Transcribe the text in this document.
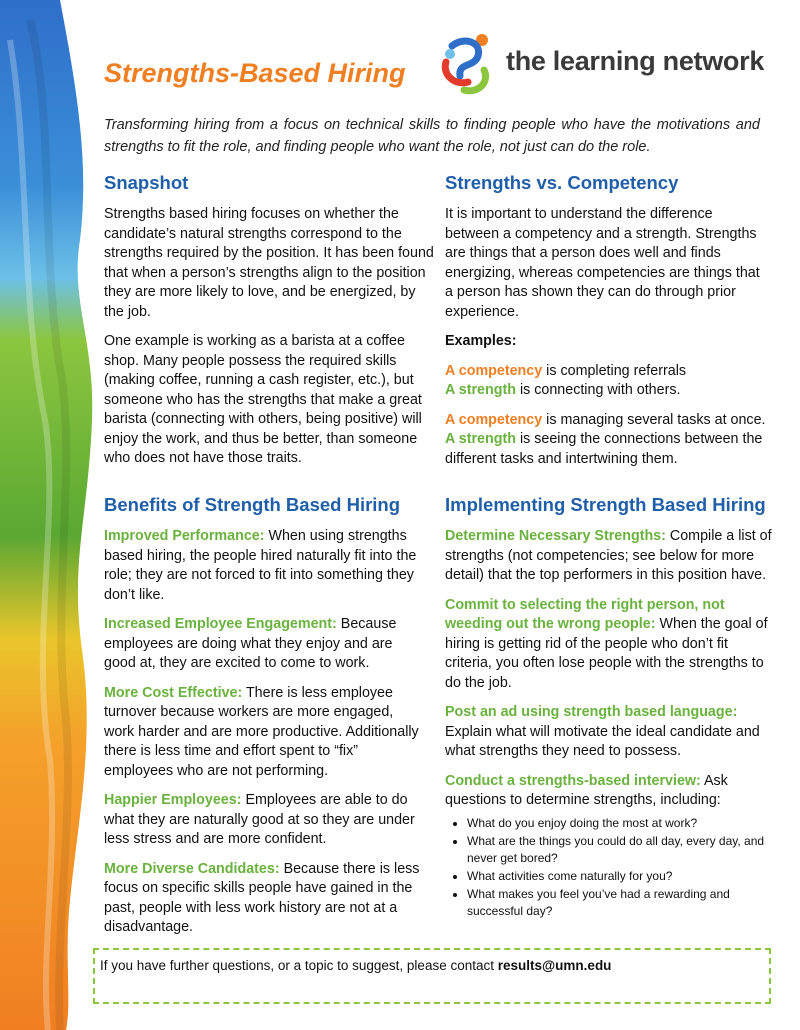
Strengths-Based Hiring	the learning network
Transforming hiring from a focus on technical skills to finding people who have the motivations and strengths to fit the role, and finding people who want the role, not just can do the role.
Snapshot

Strengths based hiring focuses on whether the candidate’s natural strengths correspond to the strengths required by the position. It has been found that when a person’s strengths align to the position they are more likely to love, and be energized, by the job.

One example is working as a barista at a coffee shop. Many people possess the required skills (making coffee, running a cash register, etc.), but someone who has the strengths that make a great barista (connecting with others, being positive) will enjoy the work, and thus be better, than someone who does not have those traits.

Strengths vs. Competency

It is important to understand the difference between a competency and a strength. Strengths are things that a person does well and finds energizing, whereas competencies are things that a person has shown they can do through prior experience.

Examples:

A competency is completing referrals
A strength is connecting with others.

A competency is managing several tasks at once.
A strength is seeing the connections between the different tasks and intertwining them.

Benefits of Strength Based Hiring

Improved Performance: When using strengths based hiring, the people hired naturally fit into the role; they are not forced to fit into something they don’t like.

Increased Employee Engagement: Because employees are doing what they enjoy and are good at, they are excited to come to work.

More Cost Effective: There is less employee turnover because workers are more engaged, work harder and are more productive. Additionally there is less time and effort spent to “fix” employees who are not performing.

Happier Employees: Employees are able to do what they are naturally good at so they are under less stress and are more confident.

More Diverse Candidates: Because there is less focus on specific skills people have gained in the past, people with less work history are not at a disadvantage.

Implementing Strength Based Hiring

Determine Necessary Strengths: Compile a list of strengths (not competencies; see below for more detail) that the top performers in this position have.

Commit to selecting the right person, not weeding out the wrong people: When the goal of hiring is getting rid of the people who don’t fit criteria, you often lose people with the strengths to do the job.

Post an ad using strength based language: Explain what will motivate the ideal candidate and what strengths they need to possess.

Conduct a strengths-based interview: Ask questions to determine strengths, including:

• What do you enjoy doing the most at work?
• What are the things you could do all day, every day, and never get bored?
• What activities come naturally for you?
• What makes you feel you’ve had a rewarding and successful day?
If you have further questions, or a topic to suggest, please contact results@umn.edu
